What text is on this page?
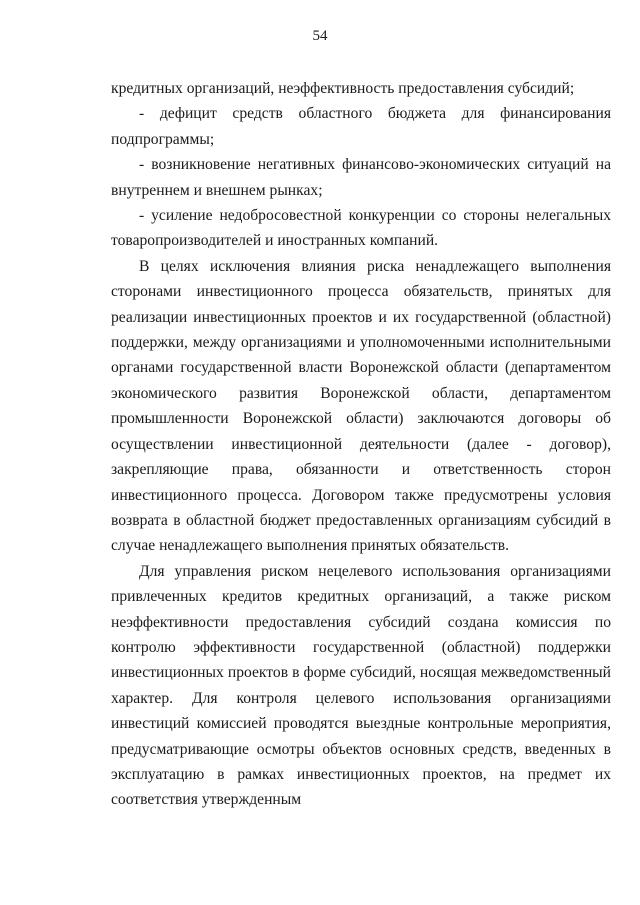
54

кредитных организаций, неэффективность предоставления субсидий;

- дефицит средств областного бюджета для финансирования подпрограммы;

- возникновение негативных финансово-экономических ситуаций на внутреннем и внешнем рынках;

- усиление недобросовестной конкуренции со стороны нелегальных товаропроизводителей и иностранных компаний.

В целях исключения влияния риска ненадлежащего выполнения сторонами инвестиционного процесса обязательств, принятых для реализации инвестиционных проектов и их государственной (областной) поддержки, между организациями и уполномоченными исполнительными органами государственной власти Воронежской области (департаментом экономического развития Воронежской области, департаментом промышленности Воронежской области) заключаются договоры об осуществлении инвестиционной деятельности (далее - договор), закрепляющие права, обязанности и ответственность сторон инвестиционного процесса. Договором также предусмотрены условия возврата в областной бюджет предоставленных организациям субсидий в случае ненадлежащего выполнения принятых обязательств.

Для управления риском нецелевого использования организациями привлеченных кредитов кредитных организаций, а также риском неэффективности предоставления субсидий создана комиссия по контролю эффективности государственной (областной) поддержки инвестиционных проектов в форме субсидий, носящая межведомственный характер. Для контроля целевого использования организациями инвестиций комиссией проводятся выездные контрольные мероприятия, предусматривающие осмотры объектов основных средств, введенных в эксплуатацию в рамках инвестиционных проектов, на предмет их соответствия утвержденным
